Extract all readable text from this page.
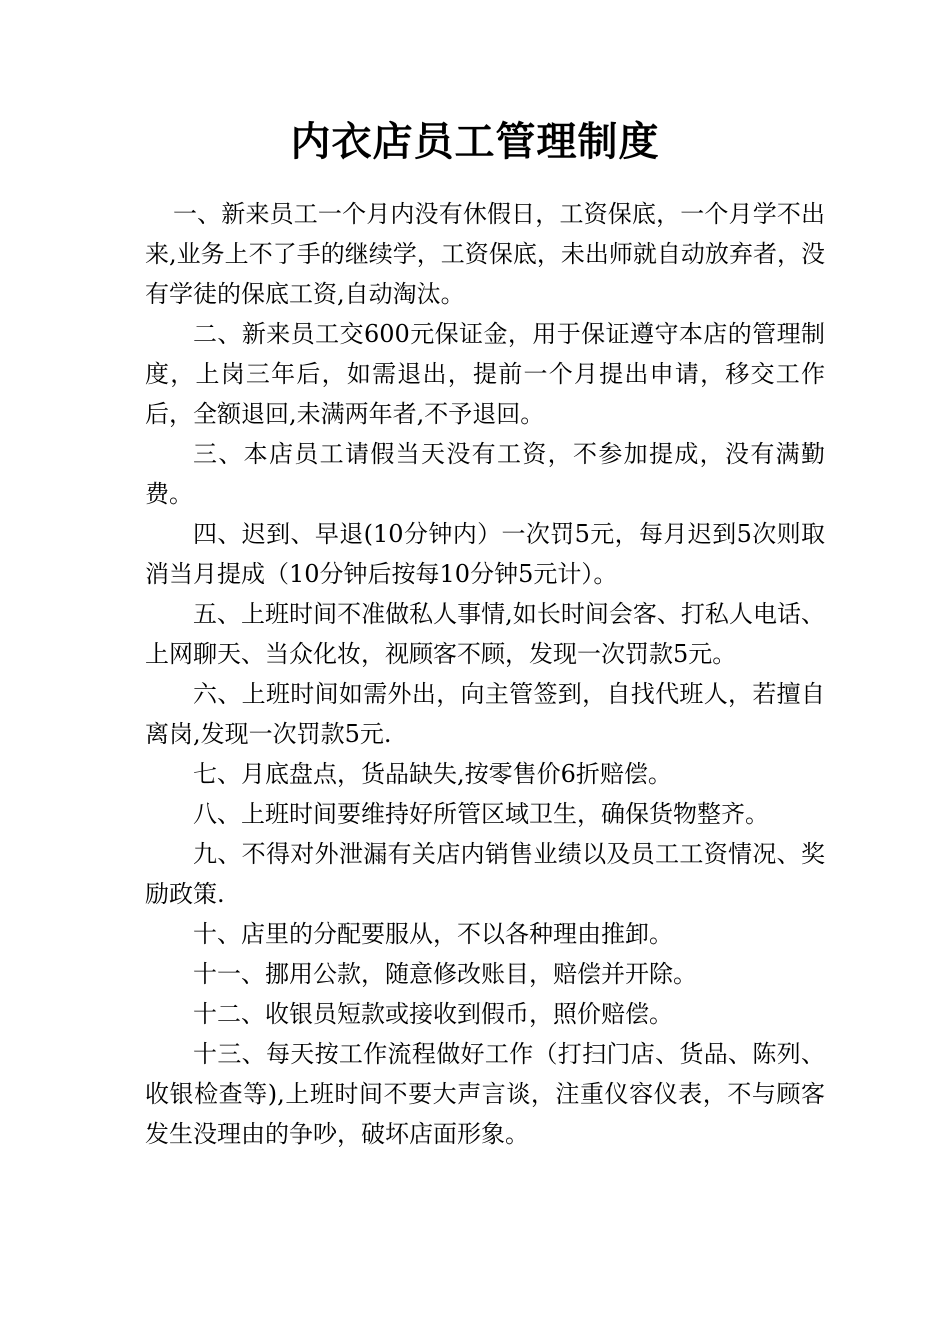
内衣店员工管理制度

一、新来员工一个月内没有休假日，工资保底，一个月学不出来,业务上不了手的继续学，工资保底，未出师就自动放弃者，没有学徒的保底工资,自动淘汰。

二、新来员工交600元保证金，用于保证遵守本店的管理制度，上岗三年后，如需退出，提前一个月提出申请，移交工作后，全额退回,未满两年者,不予退回。

三、本店员工请假当天没有工资，不参加提成，没有满勤费。

四、迟到、早退(10分钟内）一次罚5元，每月迟到5次则取消当月提成（10分钟后按每10分钟5元计）。

五、上班时间不准做私人事情,如长时间会客、打私人电话、上网聊天、当众化妆，视顾客不顾，发现一次罚款5元。

六、上班时间如需外出，向主管签到，自找代班人，若擅自离岗,发现一次罚款5元.

七、月底盘点，货品缺失,按零售价6折赔偿。

八、上班时间要维持好所管区域卫生，确保货物整齐。

九、不得对外泄漏有关店内销售业绩以及员工工资情况、奖励政策.

十、店里的分配要服从，不以各种理由推卸。

十一、挪用公款，随意修改账目，赔偿并开除。

十二、收银员短款或接收到假币，照价赔偿。

十三、每天按工作流程做好工作（打扫门店、货品、陈列、收银检查等),上班时间不要大声言谈，注重仪容仪表，不与顾客发生没理由的争吵，破坏店面形象。
